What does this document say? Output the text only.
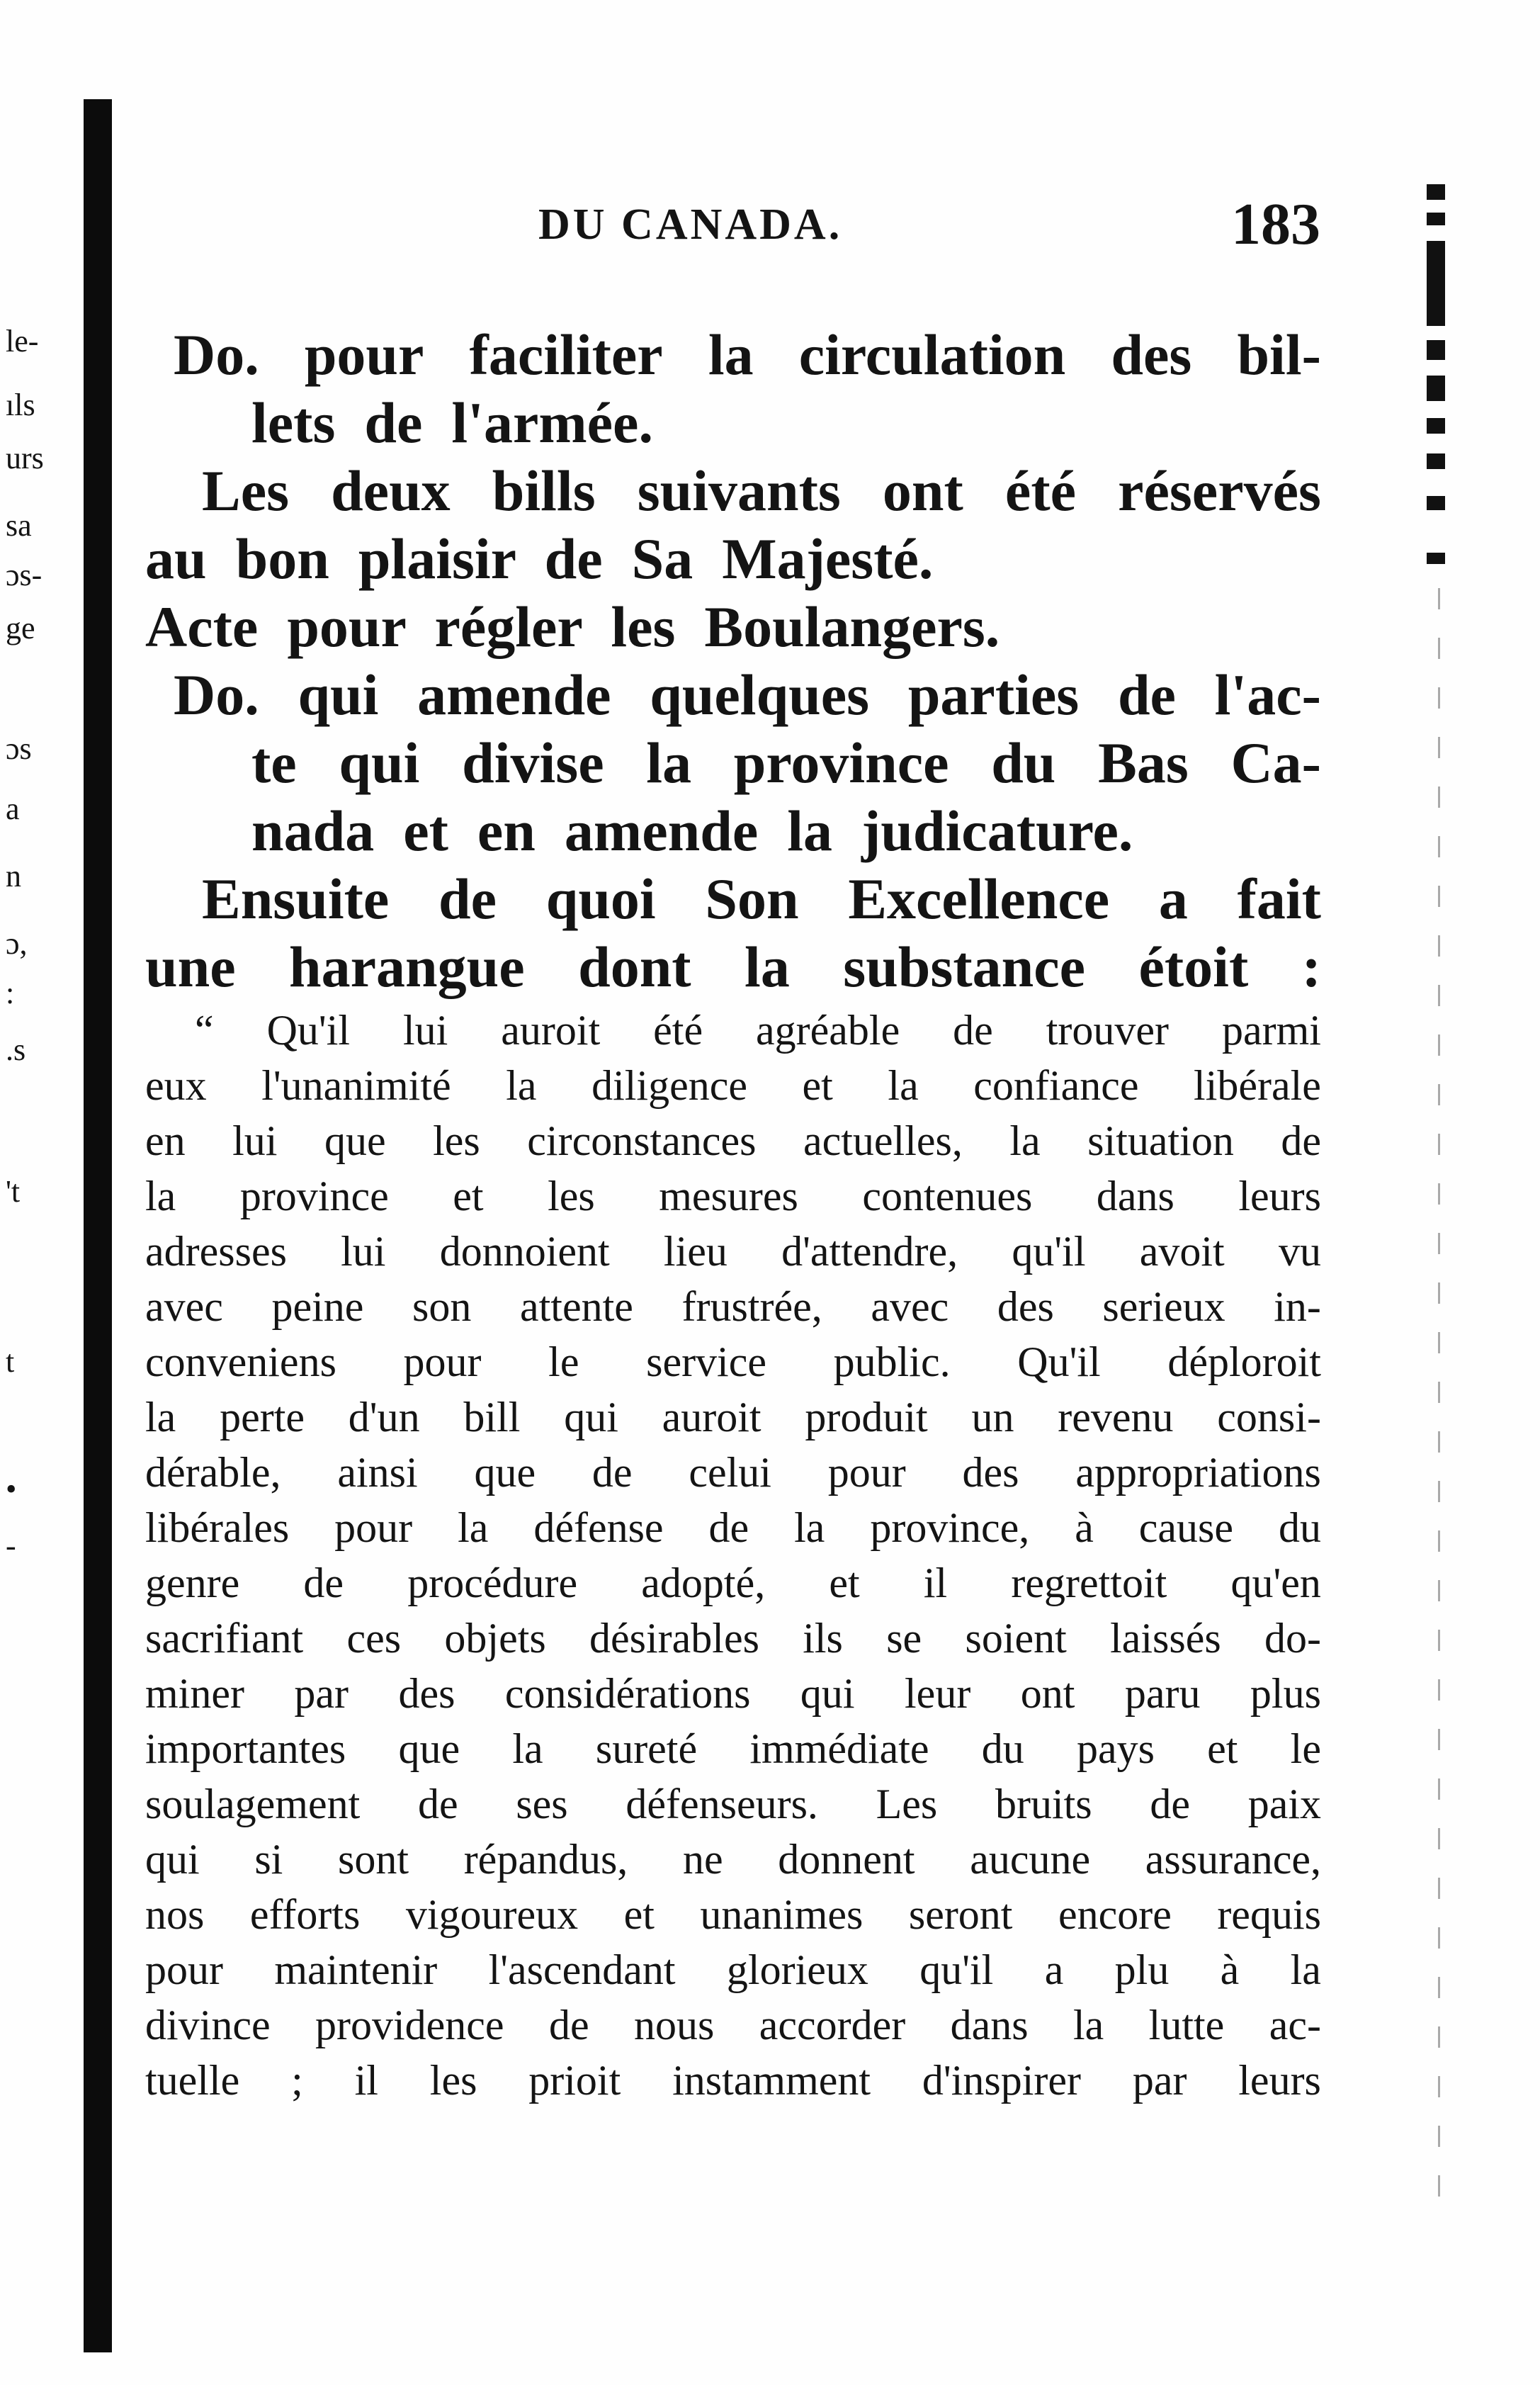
le-
ıls
urs
sa
ɔs-
ge
ɔs
a
n
ɔ,
:
.s
't
t
•
-
DU CANADA.	183
Do. pour faciliter la circulation des bil-
lets de l'armée.
Les deux bills suivants ont été réservés
au bon plaisir de Sa Majesté.
Acte pour régler les Boulangers.
Do. qui amende quelques parties de l'ac-
te qui divise la province du Bas Ca-
nada et en amende la judicature.
Ensuite de quoi Son Excellence a fait
une harangue dont la substance étoit :
“ Qu'il lui auroit été agréable de trouver parmi
eux l'unanimité la diligence et la confiance libérale
en lui que les circonstances actuelles, la situation de
la province et les mesures contenues dans leurs
adresses lui donnoient lieu d'attendre, qu'il avoit vu
avec peine son attente frustrée, avec des serieux in-
conveniens pour le service public. Qu'il déploroit
la perte d'un bill qui auroit produit un revenu consi-
dérable, ainsi que de celui pour des appropriations
libérales pour la défense de la province, à cause du
genre de procédure adopté, et il regrettoit qu'en
sacrifiant ces objets désirables ils se soient laissés do-
miner par des considérations qui leur ont paru plus
importantes que la sureté immédiate du pays et le
soulagement de ses défenseurs. Les bruits de paix
qui si sont répandus, ne donnent aucune assurance,
nos efforts vigoureux et unanimes seront encore requis
pour maintenir l'ascendant glorieux qu'il a plu à la
divince providence de nous accorder dans la lutte ac-
tuelle ; il les prioit instamment d'inspirer par leurs
